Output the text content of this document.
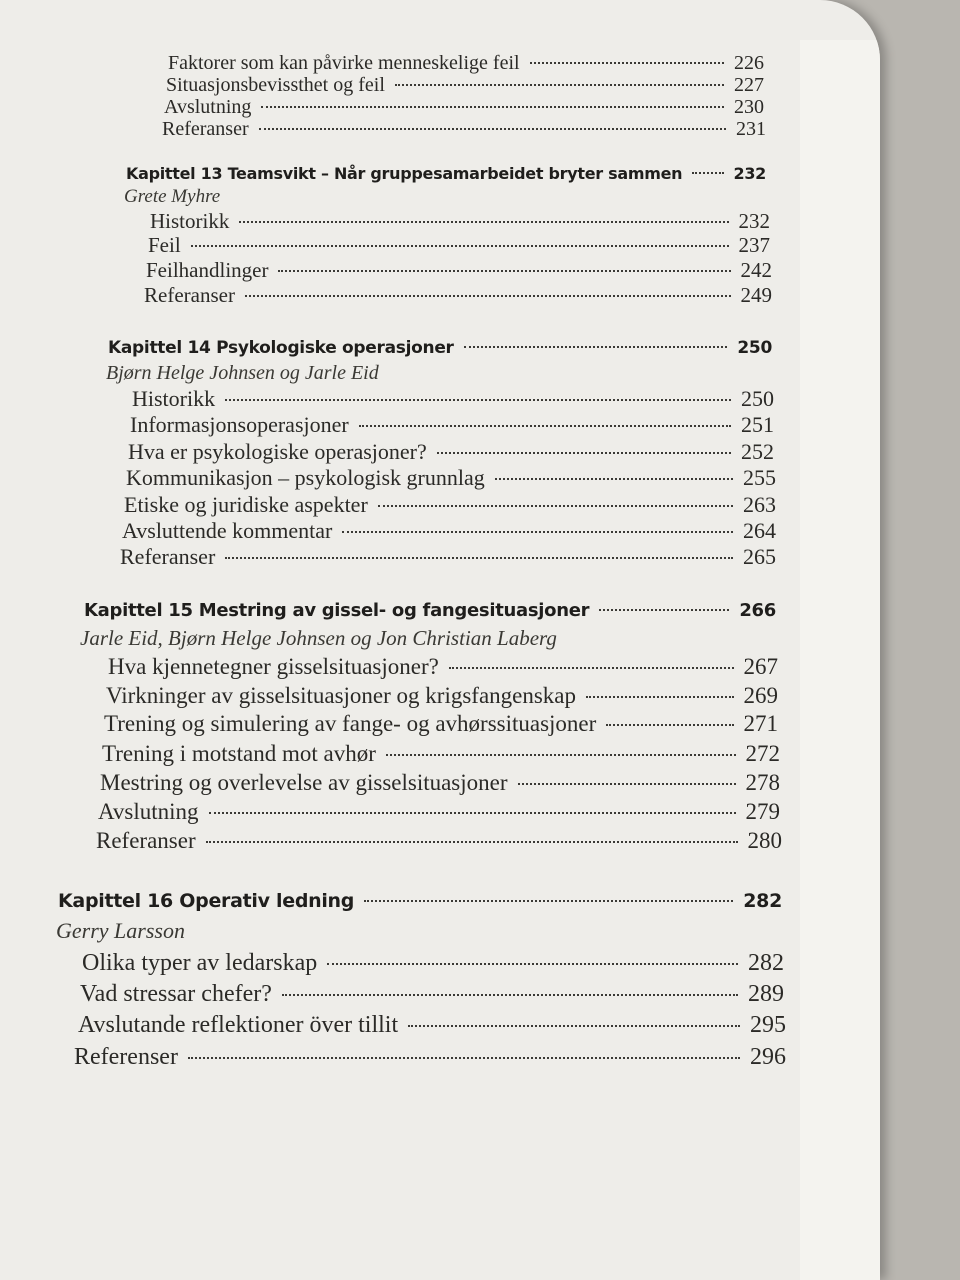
Faktorer som kan påvirke menneskelige feil	226
Situasjonsbevissthet og feil	227
Avslutning	230
Referanser	231
Kapittel 13 Teamsvikt – Når gruppesamarbeidet bryter sammen	232
Grete Myhre
Historikk	232
Feil	237
Feilhandlinger	242
Referanser	249
Kapittel 14 Psykologiske operasjoner	250
Bjørn Helge Johnsen og Jarle Eid
Historikk	250
Informasjonsoperasjoner	251
Hva er psykologiske operasjoner?	252
Kommunikasjon – psykologisk grunnlag	255
Etiske og juridiske aspekter	263
Avsluttende kommentar	264
Referanser	265
Kapittel 15 Mestring av gissel- og fangesituasjoner	266
Jarle Eid, Bjørn Helge Johnsen og Jon Christian Laberg
Hva kjennetegner gisselsituasjoner?	267
Virkninger av gisselsituasjoner og krigsfangenskap	269
Trening og simulering av fange- og avhørssituasjoner	271
Trening i motstand mot avhør	272
Mestring og overlevelse av gisselsituasjoner	278
Avslutning	279
Referanser	280
Kapittel 16 Operativ ledning	282
Gerry Larsson
Olika typer av ledarskap	282
Vad stressar chefer?	289
Avslutande reflektioner över tillit	295
Referenser	296
